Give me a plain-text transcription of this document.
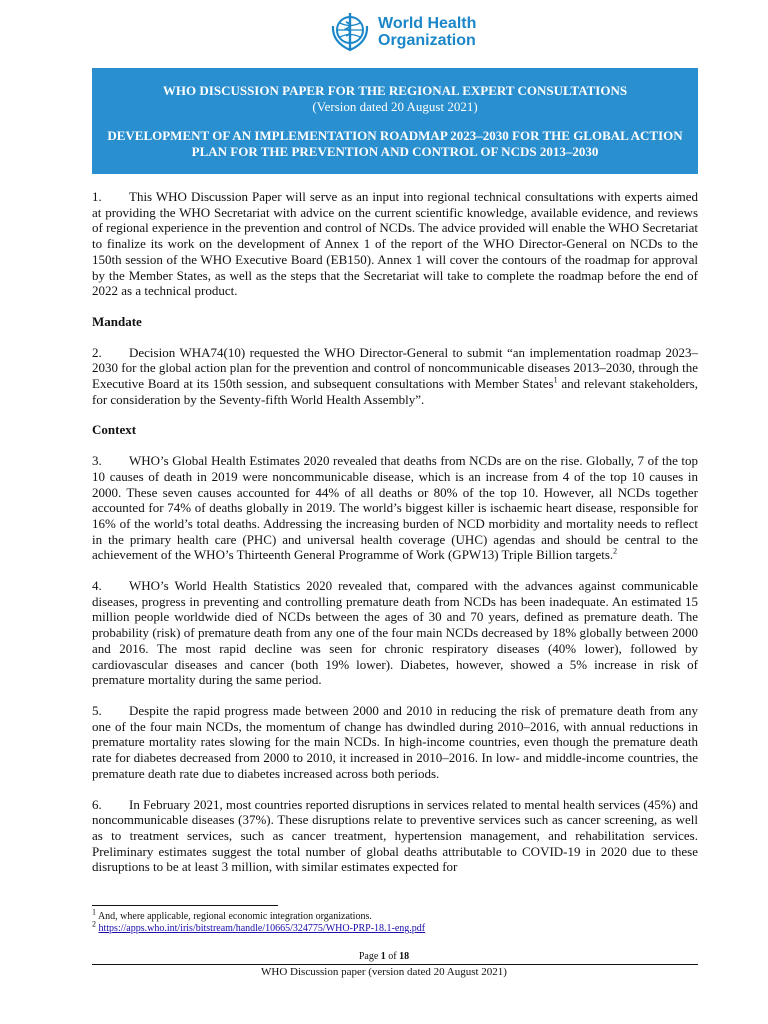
World Health
Organization
WHO DISCUSSION PAPER FOR THE REGIONAL EXPERT CONSULTATIONS
(Version dated 20 August 2021)
DEVELOPMENT OF AN IMPLEMENTATION ROADMAP 2023–2030 FOR THE GLOBAL ACTION PLAN FOR THE PREVENTION AND CONTROL OF NCDS 2013–2030

1. This WHO Discussion Paper will serve as an input into regional technical consultations with experts aimed at providing the WHO Secretariat with advice on the current scientific knowledge, available evidence, and reviews of regional experience in the prevention and control of NCDs. The advice provided will enable the WHO Secretariat to finalize its work on the development of Annex 1 of the report of the WHO Director-General on NCDs to the 150th session of the WHO Executive Board (EB150). Annex 1 will cover the contours of the roadmap for approval by the Member States, as well as the steps that the Secretariat will take to complete the roadmap before the end of 2022 as a technical product.

Mandate

2. Decision WHA74(10) requested the WHO Director-General to submit “an implementation roadmap 2023–2030 for the global action plan for the prevention and control of noncommunicable diseases 2013–2030, through the Executive Board at its 150th session, and subsequent consultations with Member States$^1$ and relevant stakeholders, for consideration by the Seventy-fifth World Health Assembly”.

Context

3. WHO’s Global Health Estimates 2020 revealed that deaths from NCDs are on the rise. Globally, 7 of the top 10 causes of death in 2019 were noncommunicable disease, which is an increase from 4 of the top 10 causes in 2000. These seven causes accounted for 44% of all deaths or 80% of the top 10. However, all NCDs together accounted for 74% of deaths globally in 2019. The world’s biggest killer is ischaemic heart disease, responsible for 16% of the world’s total deaths. Addressing the increasing burden of NCD morbidity and mortality needs to reflect in the primary health care (PHC) and universal health coverage (UHC) agendas and should be central to the achievement of the WHO’s Thirteenth General Programme of Work (GPW13) Triple Billion targets.$^2$

4. WHO’s World Health Statistics 2020 revealed that, compared with the advances against communicable diseases, progress in preventing and controlling premature death from NCDs has been inadequate. An estimated 15 million people worldwide died of NCDs between the ages of 30 and 70 years, defined as premature death. The probability (risk) of premature death from any one of the four main NCDs decreased by 18% globally between 2000 and 2016. The most rapid decline was seen for chronic respiratory diseases (40% lower), followed by cardiovascular diseases and cancer (both 19% lower). Diabetes, however, showed a 5% increase in risk of premature mortality during the same period.

5. Despite the rapid progress made between 2000 and 2010 in reducing the risk of premature death from any one of the four main NCDs, the momentum of change has dwindled during 2010–2016, with annual reductions in premature mortality rates slowing for the main NCDs. In high-income countries, even though the premature death rate for diabetes decreased from 2000 to 2010, it increased in 2010–2016. In low- and middle-income countries, the premature death rate due to diabetes increased across both periods.

6. In February 2021, most countries reported disruptions in services related to mental health services (45%) and noncommunicable diseases (37%). These disruptions relate to preventive services such as cancer screening, as well as to treatment services, such as cancer treatment, hypertension management, and rehabilitation services. Preliminary estimates suggest the total number of global deaths attributable to COVID-19 in 2020 due to these disruptions to be at least 3 million, with similar estimates expected for

$^1$ And, where applicable, regional economic integration organizations.
$^2$ https://apps.who.int/iris/bitstream/handle/10665/324775/WHO-PRP-18.1-eng.pdf
Page 1 of 18
WHO Discussion paper (version dated 20 August 2021)
